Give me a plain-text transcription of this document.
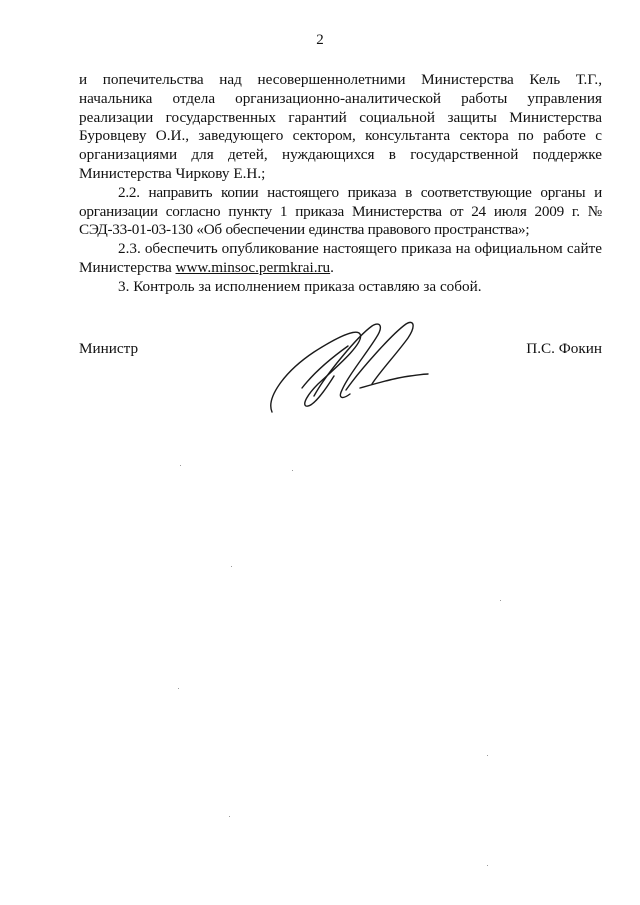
2

и попечительства над несовершеннолетними Министерства Кель Т.Г., начальника отдела организационно-аналитической работы управления реализации государственных гарантий социальной защиты Министерства Буровцеву О.И., заведующего сектором, консультанта сектора по работе с организациями для детей, нуждающихся в государственной поддержке Министерства Чиркову Е.Н.;

2.2. направить копии настоящего приказа в соответствующие органы и организации согласно пункту 1 приказа Министерства от 24 июля 2009 г. № СЭД-33-01-03-130 «Об обеспечении единства правового пространства»;

2.3. обеспечить опубликование настоящего приказа на официальном сайте Министерства www.minsoc.permkrai.ru.

3. Контроль за исполнением приказа оставляю за собой.

Министр	П.С. Фокин
